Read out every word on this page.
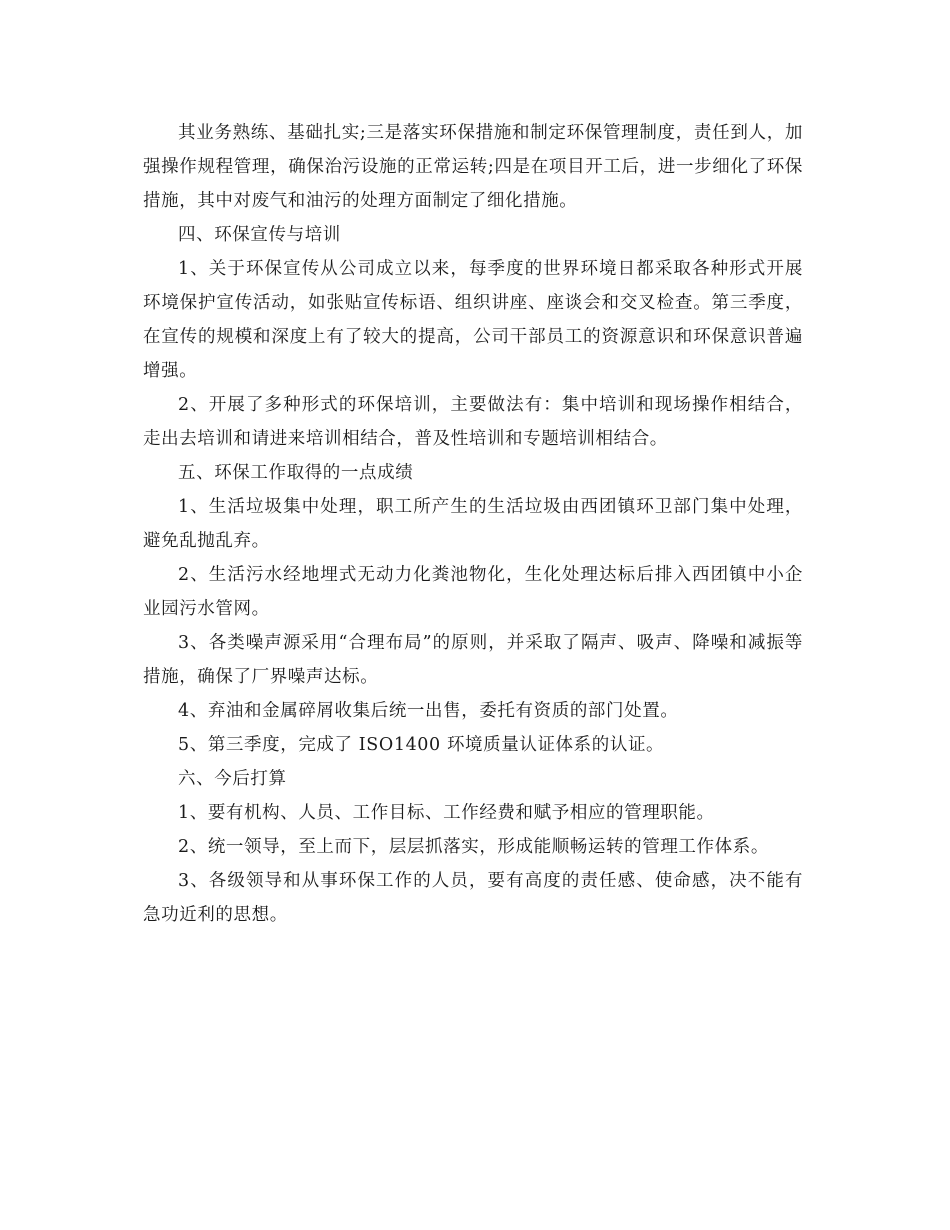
其业务熟练、基础扎实;三是落实环保措施和制定环保管理制度，责任到人，加强操作规程管理，确保治污设施的正常运转;四是在项目开工后，进一步细化了环保措施，其中对废气和油污的处理方面制定了细化措施。

四、环保宣传与培训

1、关于环保宣传从公司成立以来，每季度的世界环境日都采取各种形式开展环境保护宣传活动，如张贴宣传标语、组织讲座、座谈会和交叉检查。第三季度，在宣传的规模和深度上有了较大的提高，公司干部员工的资源意识和环保意识普遍增强。

2、开展了多种形式的环保培训，主要做法有：集中培训和现场操作相结合，走出去培训和请进来培训相结合，普及性培训和专题培训相结合。

五、环保工作取得的一点成绩

1、生活垃圾集中处理，职工所产生的生活垃圾由西团镇环卫部门集中处理，避免乱抛乱弃。

2、生活污水经地埋式无动力化粪池物化，生化处理达标后排入西团镇中小企业园污水管网。

3、各类噪声源采用“合理布局”的原则，并采取了隔声、吸声、降噪和减振等措施，确保了厂界噪声达标。

4、弃油和金属碎屑收集后统一出售，委托有资质的部门处置。

5、第三季度，完成了 ISO1400 环境质量认证体系的认证。

六、今后打算

1、要有机构、人员、工作目标、工作经费和赋予相应的管理职能。

2、统一领导，至上而下，层层抓落实，形成能顺畅运转的管理工作体系。

3、各级领导和从事环保工作的人员，要有高度的责任感、使命感，决不能有急功近利的思想。
